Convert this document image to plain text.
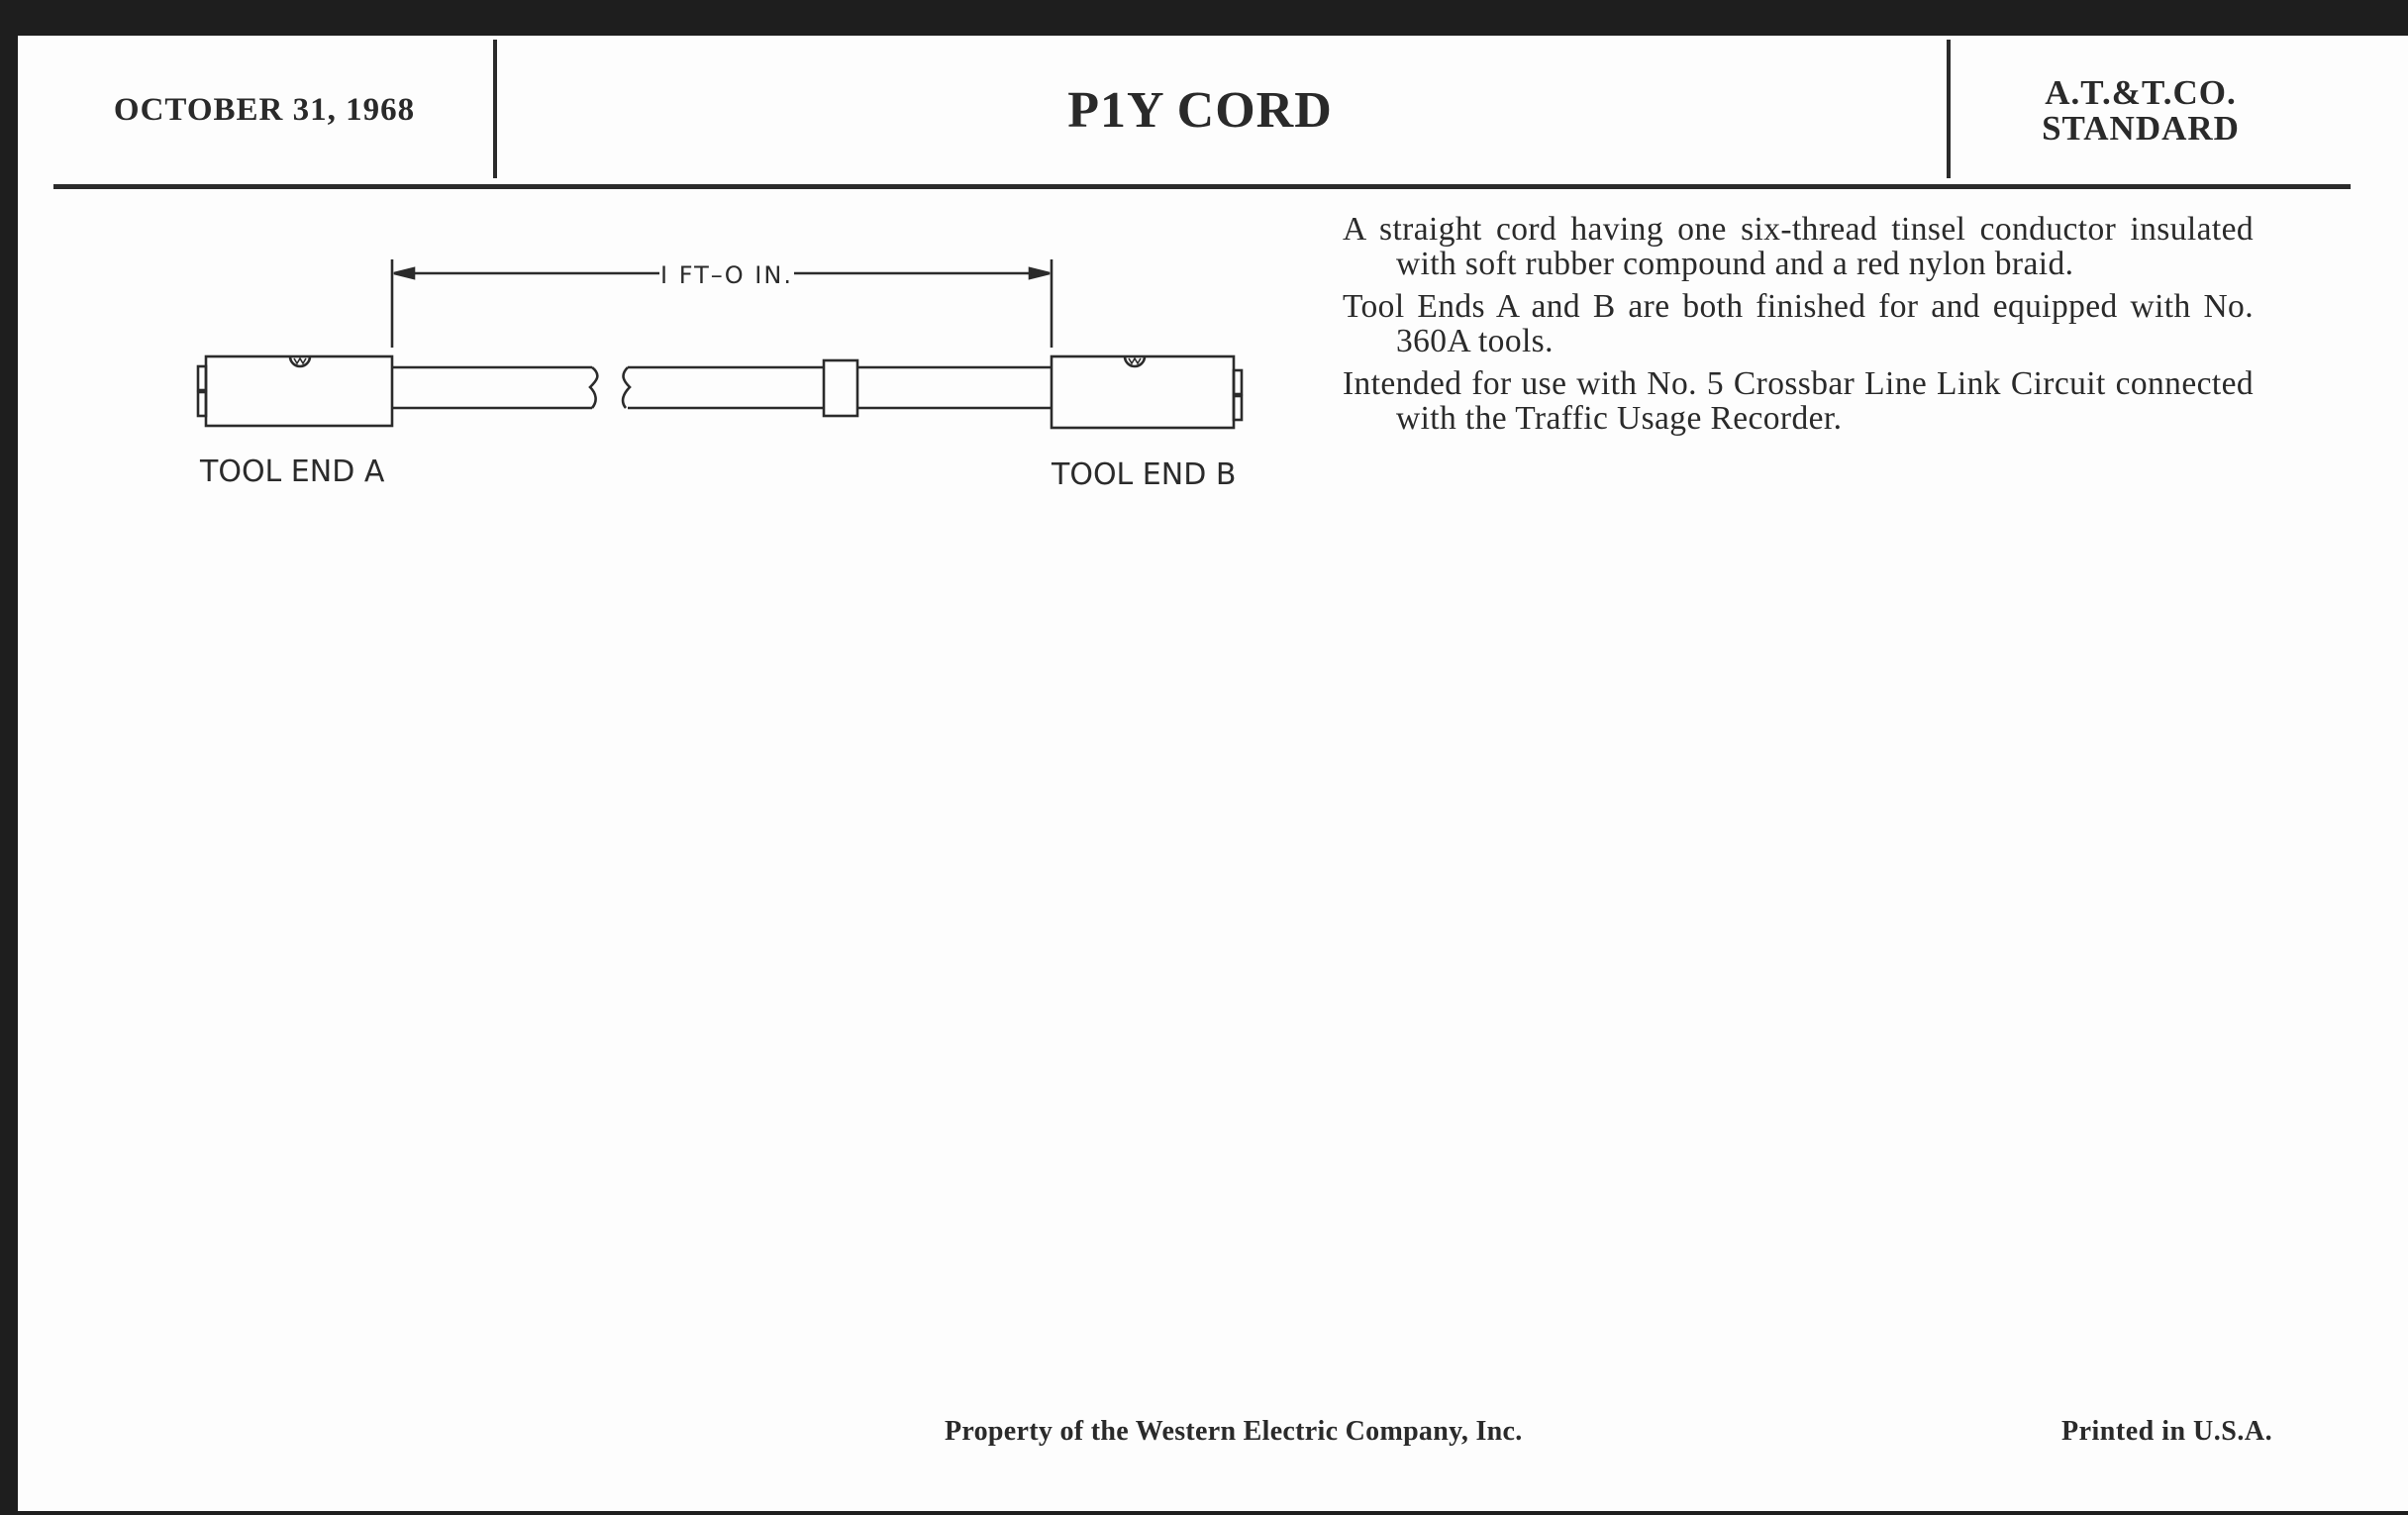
OCTOBER 31, 1968	P1Y CORD	A.T.&T.CO.
STANDARD
I FT–O IN.
TOOL END A	TOOL END B

A straight cord having one six-thread tinsel conductor insulated with soft rubber compound and a red nylon braid.

Tool Ends A and B are both finished for and equipped with No. 360A tools.

Intended for use with No. 5 Crossbar Line Link Circuit connected with the Traffic Usage Recorder.

Property of the Western Electric Company, Inc.	Printed in U.S.A.
